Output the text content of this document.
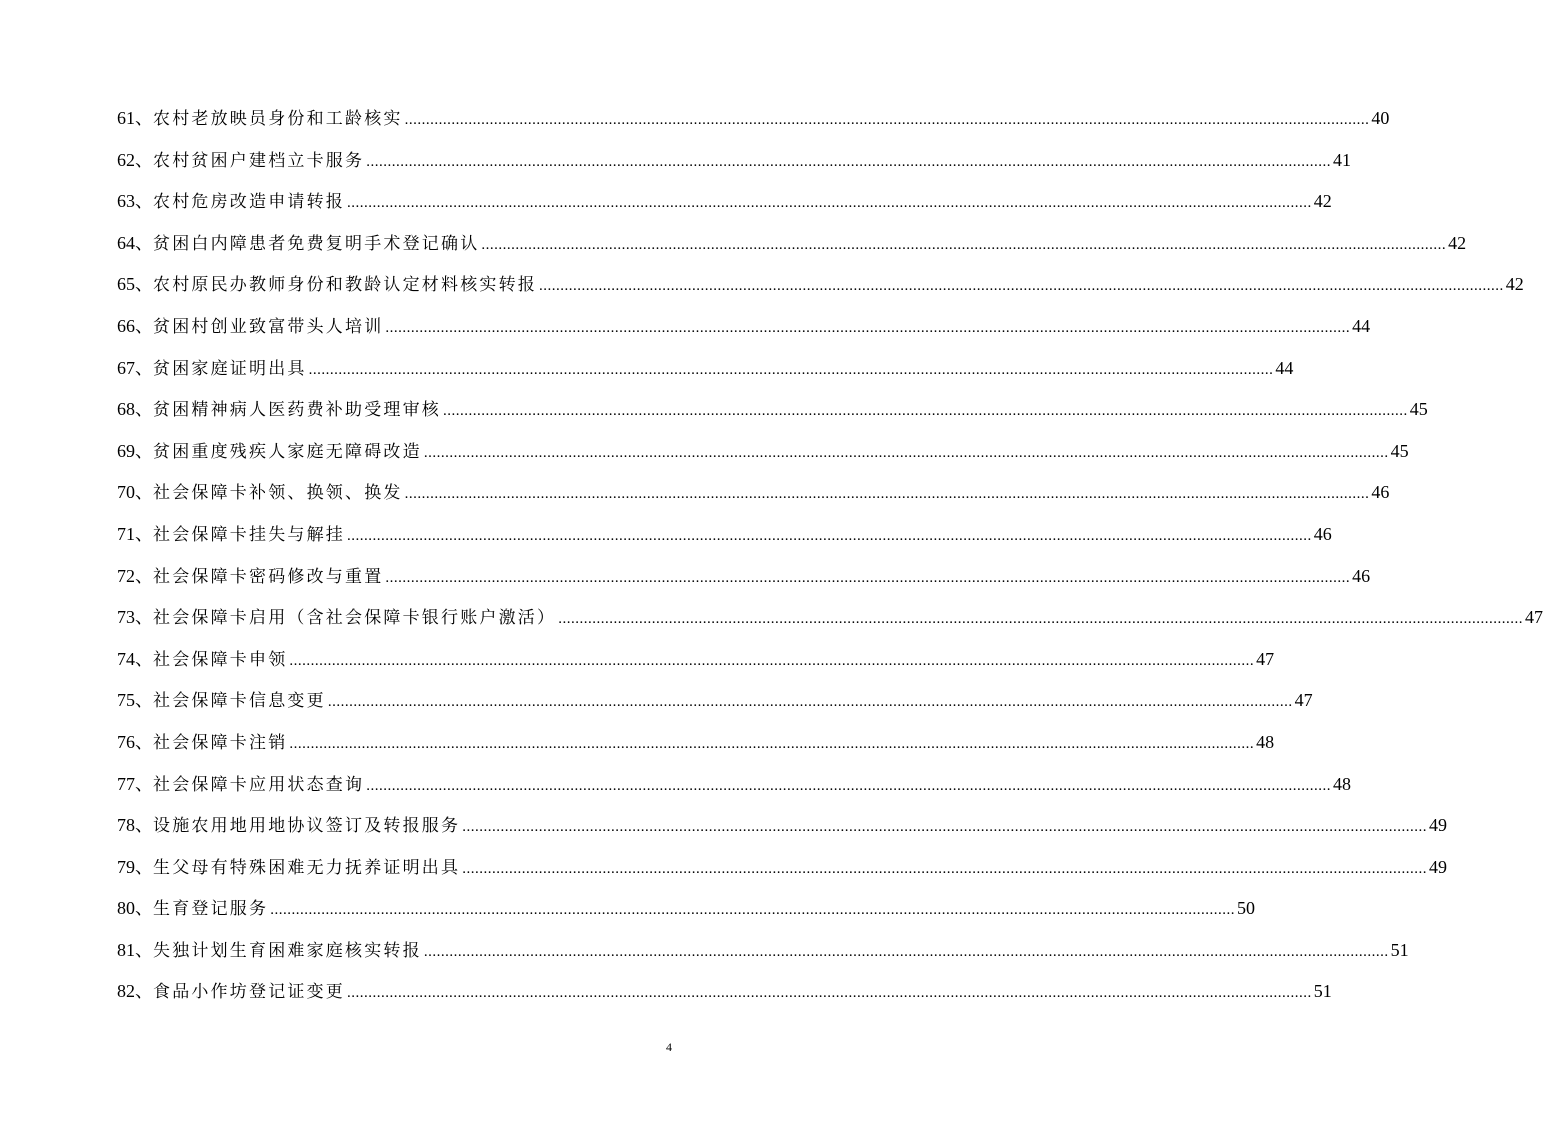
61、 农村老放映员身份和工龄核实 .....	40
62、 农村贫困户建档立卡服务 .....	41
63、 农村危房改造申请转报 .....	42
64、 贫困白内障患者免费复明手术登记确认 .....	42
65、 农村原民办教师身份和教龄认定材料核实转报 .....	42
66、 贫困村创业致富带头人培训 .....	44
67、 贫困家庭证明出具 .....	44
68、 贫困精神病人医药费补助受理审核 .....	45
69、 贫困重度残疾人家庭无障碍改造 .....	45
70、 社会保障卡补领、换领、换发 .....	46
71、 社会保障卡挂失与解挂 .....	46
72、 社会保障卡密码修改与重置 .....	46
73、 社会保障卡启用（含社会保障卡银行账户激活） .....	47
74、 社会保障卡申领 .....	47
75、 社会保障卡信息变更 .....	47
76、 社会保障卡注销 .....	48
77、 社会保障卡应用状态查询 .....	48
78、 设施农用地用地协议签订及转报服务 .....	49
79、 生父母有特殊困难无力抚养证明出具 .....	49
80、 生育登记服务 .....	50
81、 失独计划生育困难家庭核实转报 .....	51
82、 食品小作坊登记证变更 .....	51
4
